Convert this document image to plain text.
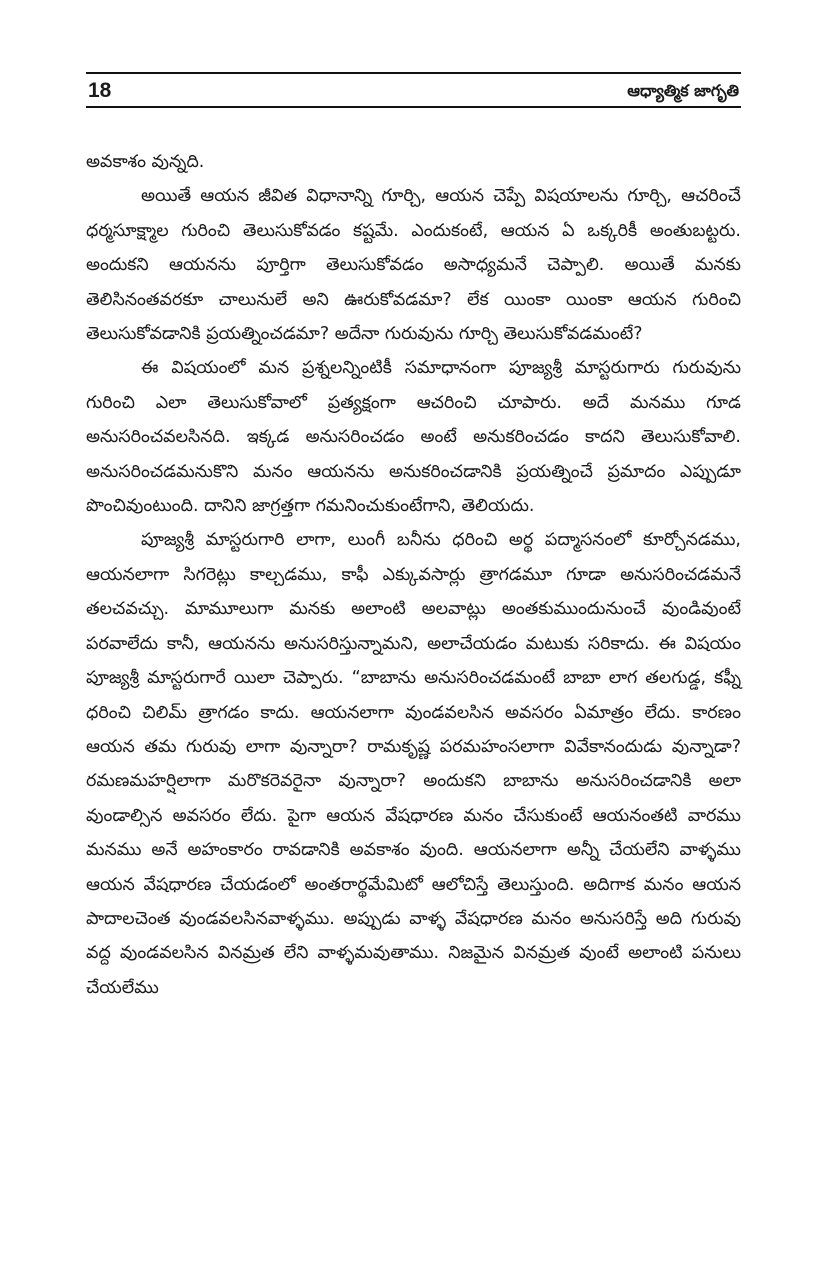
18	ఆధ్యాత్మిక జాగృతి

అవకాశం వున్నది.

అయితే ఆయన జీవిత విధానాన్ని గూర్చి, ఆయన చెప్పే విషయాలను గూర్చి, ఆచరించే ధర్మసూక్ష్మాల గురించి తెలుసుకోవడం కష్టమే. ఎందుకంటే, ఆయన ఏ ఒక్కరికీ అంతుబట్టరు. అందుకని ఆయనను పూర్తిగా తెలుసుకోవడం అసాధ్యమనే చెప్పాలి. అయితే మనకు తెలిసినంతవరకూ చాలునులే అని ఊరుకోవడమా? లేక యింకా యింకా ఆయన గురించి తెలుసుకోవడానికి ప్రయత్నించడమా? అదేనా గురువును గూర్చి తెలుసుకోవడమంటే?

ఈ విషయంలో మన ప్రశ్నలన్నింటికీ సమాధానంగా పూజ్యశ్రీ మాస్టరుగారు గురువును గురించి ఎలా తెలుసుకోవాలో ప్రత్యక్షంగా ఆచరించి చూపారు. అదే మనము గూడ అనుసరించవలసినది. ఇక్కడ అనుసరించడం అంటే అనుకరించడం కాదని తెలుసుకోవాలి. అనుసరించడమనుకొని మనం ఆయనను అనుకరించడానికి ప్రయత్నించే ప్రమాదం ఎప్పుడూ పొంచివుంటుంది. దానిని జాగ్రత్తగా గమనించుకుంటేగాని, తెలియదు.

పూజ్యశ్రీ మాస్టరుగారి లాగా, లుంగీ బనీను ధరించి అర్థ పద్మాసనంలో కూర్చోనడము, ఆయనలాగా సిగరెట్లు కాల్చడము, కాఫీ ఎక్కువసార్లు త్రాగడమూ గూడా అనుసరించడమనే తలచవచ్చు. మామూలుగా మనకు అలాంటి అలవాట్లు అంతకుముందునుంచే వుండివుంటే పరవాలేదు కానీ, ఆయనను అనుసరిస్తున్నామని, అలాచేయడం మటుకు సరికాదు. ఈ విషయం పూజ్యశ్రీ మాస్టరుగారే యిలా చెప్పారు. “బాబాను అనుసరించడమంటే బాబా లాగ తలగుడ్డ, కఫ్నీ ధరించి చిలిమ్ త్రాగడం కాదు. ఆయనలాగా వుండవలసిన అవసరం ఏమాత్రం లేదు. కారణం ఆయన తమ గురువు లాగా వున్నారా? రామకృష్ణ పరమహంసలాగా వివేకానందుడు వున్నాడా? రమణమహర్షిలాగా మరొకరెవరైనా వున్నారా? అందుకని బాబాను అనుసరించడానికి అలా వుండాల్సిన అవసరం లేదు. పైగా ఆయన వేషధారణ మనం చేసుకుంటే ఆయనంతటి వారము మనము అనే అహంకారం రావడానికి అవకాశం వుంది. ఆయనలాగా అన్నీ చేయలేని వాళ్ళము ఆయన వేషధారణ చేయడంలో అంతరార్థమేమిటో ఆలోచిస్తే తెలుస్తుంది. అదిగాక మనం ఆయన పాదాలచెంత వుండవలసినవాళ్ళము. అప్పుడు వాళ్ళ వేషధారణ మనం అనుసరిస్తే అది గురువు వద్ద వుండవలసిన వినమ్రత లేని వాళ్ళమవుతాము. నిజమైన వినమ్రత వుంటే అలాంటి పనులు చేయలేము
